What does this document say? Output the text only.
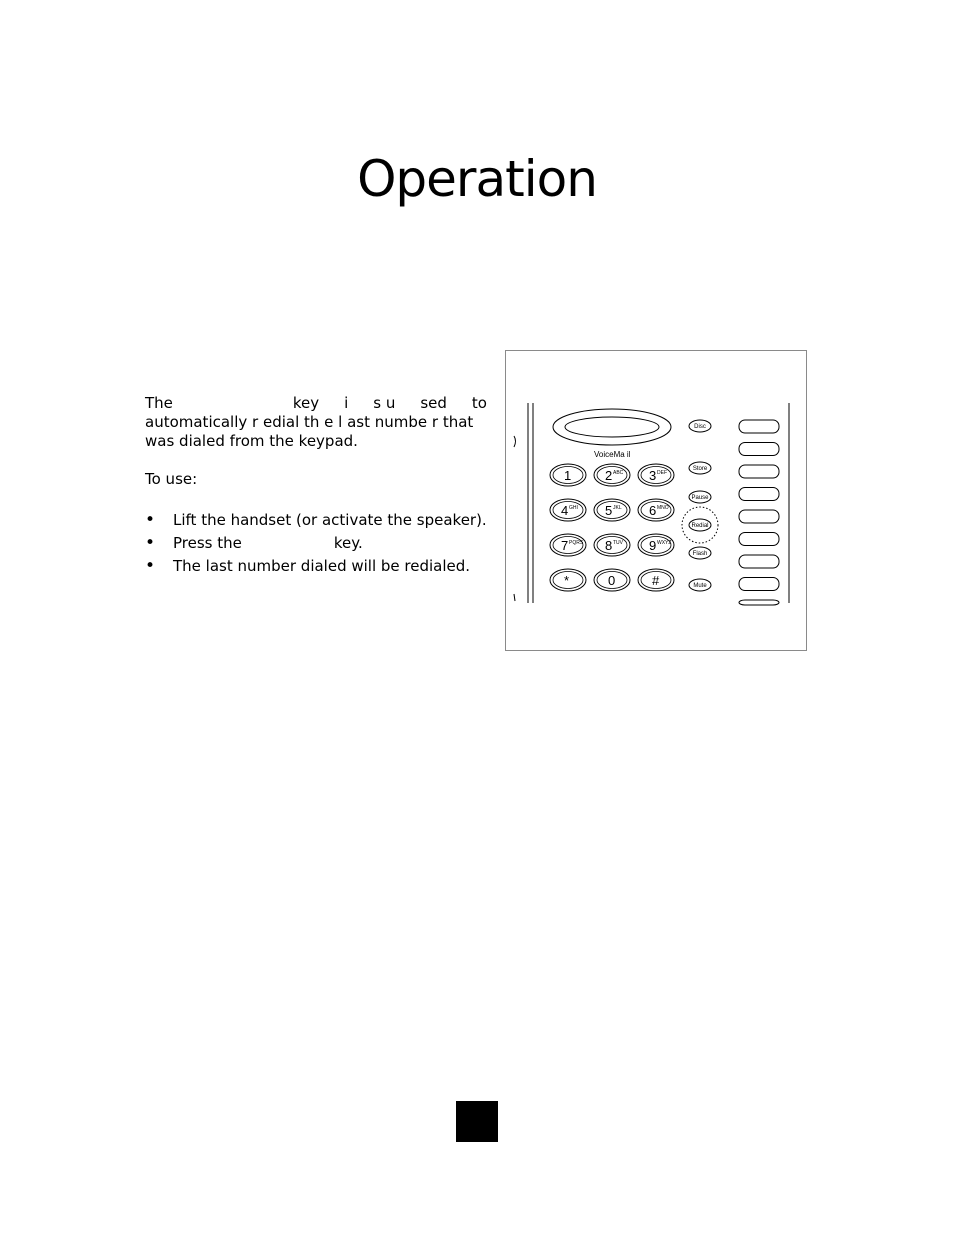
Operation
The	key i s u sed to
automatically r edial th e l ast numbe r that
was dialed from the keypad.
To use:
• Lift the handset (or activate the speaker).
• Press the	key.
• The last number dialed will be redialed.
VoiceMa il
1	2 ABC 3 DEF
4 GHI 5 JKL 6 MNO
7 PQRS 8 TUV 9 WXYZ
*	0	#
Disc
Store
Pause
Redial
Flash
Mute
